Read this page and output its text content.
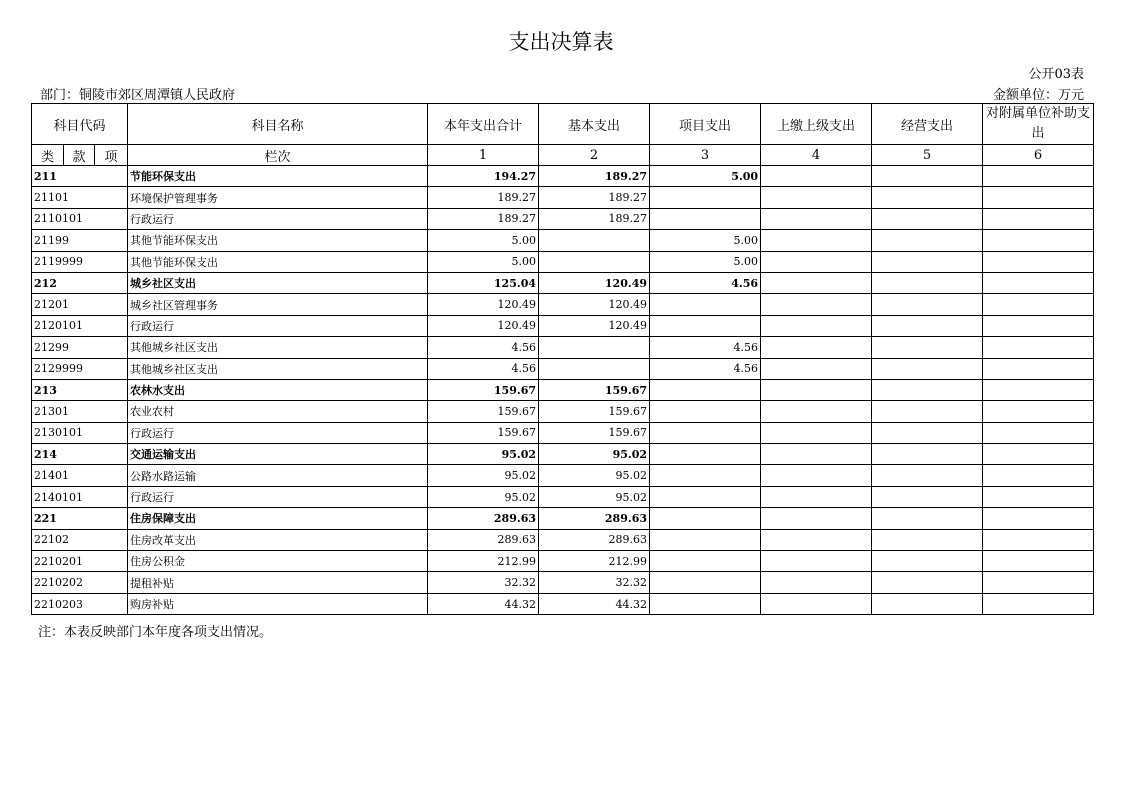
支出决算表
公开03表
部门：铜陵市郊区周潭镇人民政府	金额单位：万元
科目代码			科目名称	本年支出合计	基本支出	项目支出	上缴上级支出	经营支出	对附属单位补助支出
类	款	项	栏次	1	2	3	4	5	6
211			节能环保支出	194.27	189.27	5.00			
21101			环境保护管理事务	189.27	189.27				
2110101			行政运行	189.27	189.27				
21199			其他节能环保支出	5.00		5.00			
2119999			其他节能环保支出	5.00		5.00			
212			城乡社区支出	125.04	120.49	4.56			
21201			城乡社区管理事务	120.49	120.49				
2120101			行政运行	120.49	120.49				
21299			其他城乡社区支出	4.56		4.56			
2129999			其他城乡社区支出	4.56		4.56			
213			农林水支出	159.67	159.67				
21301			农业农村	159.67	159.67				
2130101			行政运行	159.67	159.67				
214			交通运输支出	95.02	95.02				
21401			公路水路运输	95.02	95.02				
2140101			行政运行	95.02	95.02				
221			住房保障支出	289.63	289.63				
22102			住房改革支出	289.63	289.63				
2210201			住房公积金	212.99	212.99				
2210202			提租补贴	32.32	32.32				
2210203			购房补贴	44.32	44.32				
注：本表反映部门本年度各项支出情况。
